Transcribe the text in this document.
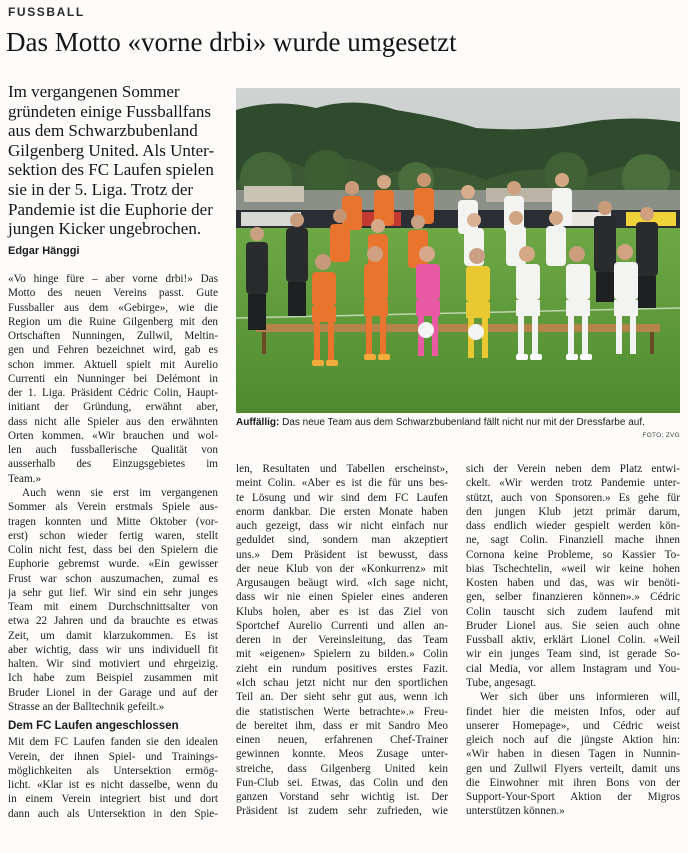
FUSSBALL
Das Motto «vorne drbi» wurde umgesetzt
Im vergangenen Sommer
gründeten einige Fussballfans
aus dem Schwarzbubenland
Gilgenberg United. Als Unter-
sektion des FC Laufen spielen
sie in der 5. Liga. Trotz der
Pandemie ist die Euphorie der
jungen Kicker ungebrochen.
Edgar Hänggi
Auffällig: Das neue Team aus dem Schwarzbubenland fällt nicht nur mit der Dressfarbe auf.
FOTO: ZVG
«Vo hinge füre – aber vorne drbi!» Das
Motto des neuen Vereins passt. Gute
Fussballer aus dem «Gebirge», wie die
Region um die Ruine Gilgenberg mit den
Ortschaften Nunningen, Zullwil, Meltin-
gen und Fehren bezeichnet wird, gab es
schon immer. Aktuell spielt mit Aurelio
Currenti ein Nunninger bei Delémont in
der 1. Liga. Präsident Cédric Colin, Haupt-
initiant der Gründung, erwähnt aber,
dass nicht alle Spieler aus den erwähnten
Orten kommen. «Wir brauchen und wol-
len auch fussballerische Qualität von
ausserhalb des Einzugsgebietes im
Team.»
Auch wenn sie erst im vergangenen
Sommer als Verein erstmals Spiele aus-
tragen konnten und Mitte Oktober (vor-
erst) schon wieder fertig waren, stellt
Colin nicht fest, dass bei den Spielern die
Euphorie gebremst wurde. «Ein gewisser
Frust war schon auszumachen, zumal es
ja sehr gut lief. Wir sind ein sehr junges
Team mit einem Durchschnittsalter von
etwa 22 Jahren und da brauchte es etwas
Zeit, um damit klarzukommen. Es ist
aber wichtig, dass wir uns individuell fit
halten. Wir sind motiviert und ehrgeizig.
Ich habe zum Beispiel zusammen mit
Bruder Lionel in der Garage und auf der
Strasse an der Balltechnik gefeilt.»
Dem FC Laufen angeschlossen
Mit dem FC Laufen fanden sie den idealen
Verein, der ihnen Spiel- und Trainings-
möglichkeiten als Untersektion ermög-
licht. «Klar ist es nicht dasselbe, wenn du
in einem Verein integriert bist und dort
dann auch als Untersektion in den Spie-
len, Resultaten und Tabellen erscheinst»,
meint Colin. «Aber es ist die für uns bes-
te Lösung und wir sind dem FC Laufen
enorm dankbar. Die ersten Monate haben
auch gezeigt, dass wir nicht einfach nur
geduldet sind, sondern man akzeptiert
uns.» Dem Präsident ist bewusst, dass
der neue Klub von der «Konkurrenz» mit
Argusaugen beäugt wird. «Ich sage nicht,
dass wir nie einen Spieler eines anderen
Klubs holen, aber es ist das Ziel von
Sportchef Aurelio Currenti und allen an-
deren in der Vereinsleitung, das Team
mit «eigenen» Spielern zu bilden.» Colin
zieht ein rundum positives erstes Fazit.
«Ich schau jetzt nicht nur den sportlichen
Teil an. Der sieht sehr gut aus, wenn ich
die statistischen Werte betrachte».» Freu-
de bereitet ihm, dass er mit Sandro Meo
einen neuen, erfahrenen Chef-Trainer
gewinnen konnte. Meos Zusage unter-
streiche, dass Gilgenberg United kein
Fun-Club sei. Etwas, das Colin und den
ganzen Vorstand sehr wichtig ist. Der
Präsident ist zudem sehr zufrieden, wie
sich der Verein neben dem Platz entwi-
ckelt. «Wir werden trotz Pandemie unter-
stützt, auch von Sponsoren.» Es gehe für
den jungen Klub jetzt primär darum,
dass endlich wieder gespielt werden kön-
ne, sagt Colin. Finanziell mache ihnen
Cornona keine Probleme, so Kassier To-
bias Tschechtelin, «weil wir keine hohen
Kosten haben und das, was wir benöti-
gen, selber finanzieren können».» Cédric
Colin tauscht sich zudem laufend mit
Bruder Lionel aus. Sie seien auch ohne
Fussball aktiv, erklärt Lionel Colin. «Weil
wir ein junges Team sind, ist gerade So-
cial Media, vor allem Instagram und You-
Tube, angesagt.
Wer sich über uns informieren will,
findet hier die meisten Infos, oder auf
unserer Homepage», und Cédric weist
gleich noch auf die jüngste Aktion hin:
«Wir haben in diesen Tagen in Nunnin-
gen und Zullwil Flyers verteilt, damit uns
die Einwohner mit ihren Bons von der
Support-Your-Sport Aktion der Migros
unterstützen können.»
